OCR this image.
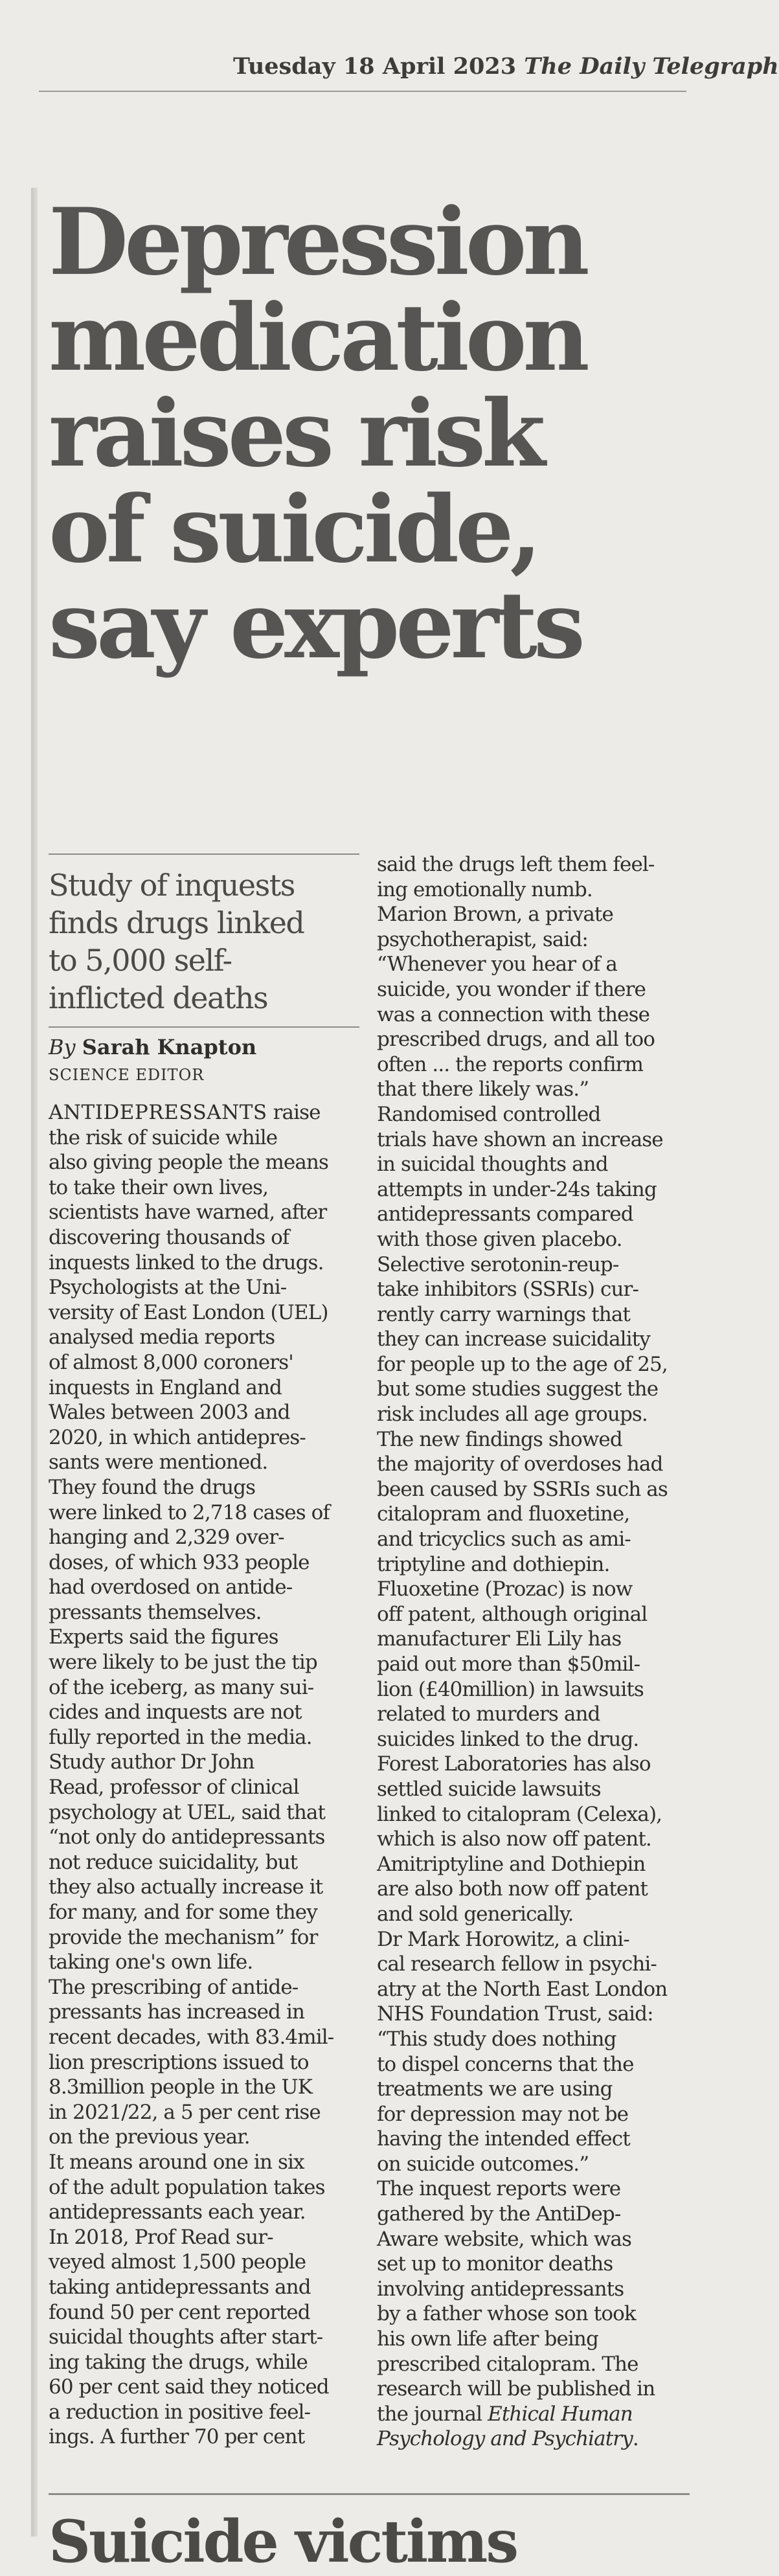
Tuesday 18 April 2023 The Daily Telegraph
Depression
medication
raises risk
of suicide,
say experts
Study of inquests
finds drugs linked
to 5,000 self-
inflicted deaths
By Sarah Knapton
SCIENCE EDITOR

ANTIDEPRESSANTS raise
the risk of suicide while
also giving people the means
to take their own lives,
scientists have warned, after
discovering thousands of
inquests linked to the drugs.

Psychologists at the Uni-
versity of East London (UEL)
analysed media reports
of almost 8,000 coroners'
inquests in England and
Wales between 2003 and
2020, in which antidepres-
sants were mentioned.

They found the drugs
were linked to 2,718 cases of
hanging and 2,329 over-
doses, of which 933 people
had overdosed on antide-
pressants themselves.

Experts said the figures
were likely to be just the tip
of the iceberg, as many sui-
cides and inquests are not
fully reported in the media.

Study author Dr John
Read, professor of clinical
psychology at UEL, said that
“not only do antidepressants
not reduce suicidality, but
they also actually increase it
for many, and for some they
provide the mechanism” for
taking one's own life.

The prescribing of antide-
pressants has increased in
recent decades, with 83.4mil-
lion prescriptions issued to
8.3million people in the UK
in 2021/22, a 5 per cent rise
on the previous year.

It means around one in six
of the adult population takes
antidepressants each year.

In 2018, Prof Read sur-
veyed almost 1,500 people
taking antidepressants and
found 50 per cent reported
suicidal thoughts after start-
ing taking the drugs, while
60 per cent said they noticed
a reduction in positive feel-
ings. A further 70 per cent

said the drugs left them feel-
ing emotionally numb.

Marion Brown, a private
psychotherapist, said:
“Whenever you hear of a
suicide, you wonder if there
was a connection with these
prescribed drugs, and all too
often ... the reports confirm
that there likely was.”

Randomised controlled
trials have shown an increase
in suicidal thoughts and
attempts in under-24s taking
antidepressants compared
with those given placebo.

Selective serotonin-reup-
take inhibitors (SSRIs) cur-
rently carry warnings that
they can increase suicidality
for people up to the age of 25,
but some studies suggest the
risk includes all age groups.

The new findings showed
the majority of overdoses had
been caused by SSRIs such as
citalopram and fluoxetine,
and tricyclics such as ami-
triptyline and dothiepin.

Fluoxetine (Prozac) is now
off patent, although original
manufacturer Eli Lily has
paid out more than $50mil-
lion (£40million) in lawsuits
related to murders and
suicides linked to the drug.
Forest Laboratories has also
settled suicide lawsuits
linked to citalopram (Celexa),
which is also now off patent.
Amitriptyline and Dothiepin
are also both now off patent
and sold generically.

Dr Mark Horowitz, a clini-
cal research fellow in psychi-
atry at the North East London
NHS Foundation Trust, said:
“This study does nothing
to dispel concerns that the
treatments we are using
for depression may not be
having the intended effect
on suicide outcomes.”

The inquest reports were
gathered by the AntiDep-
Aware website, which was
set up to monitor deaths
involving antidepressants
by a father whose son took
his own life after being
prescribed citalopram. The
research will be published in
the journal Ethical Human
Psychology and Psychiatry.

Suicide victims
